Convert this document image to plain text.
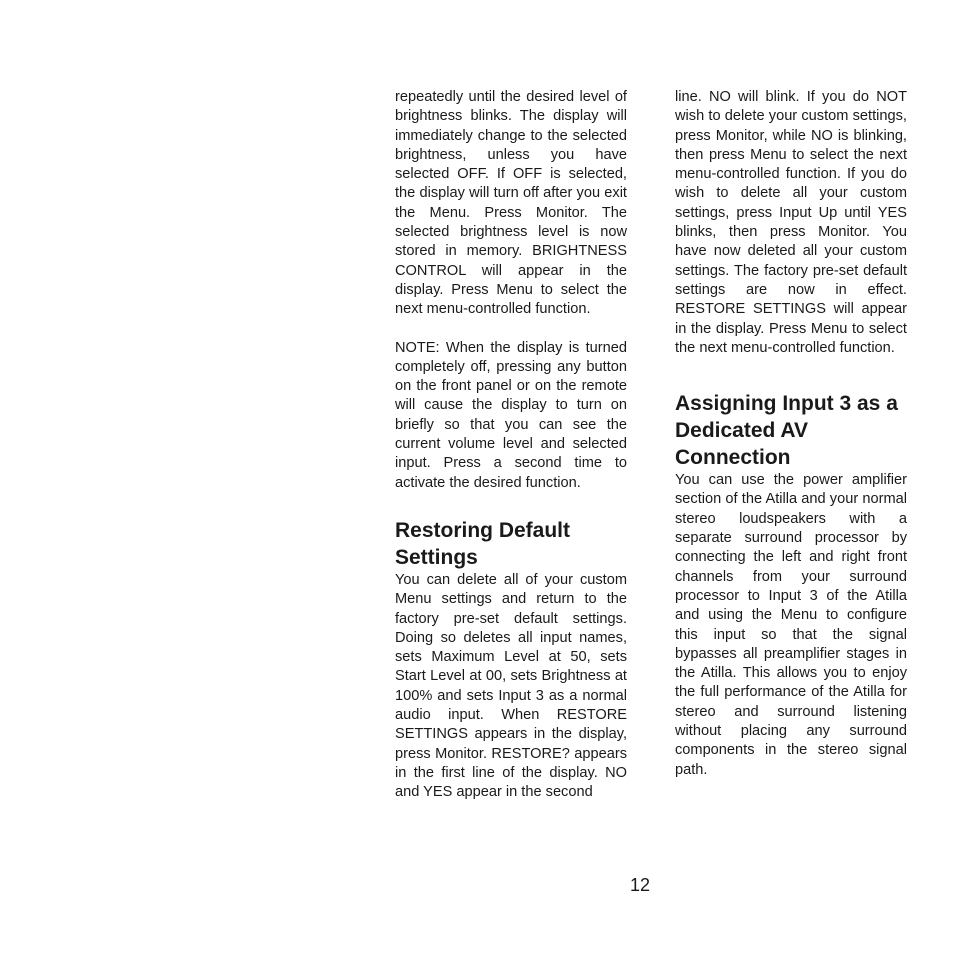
repeatedly until the desired level of brightness blinks. The display will immediately change to the selected brightness, unless you have selected OFF. If OFF is selected, the display will turn off after you exit the Menu. Press Monitor. The selected brightness level is now stored in memory. BRIGHTNESS CONTROL will appear in the display. Press Menu to select the next menu-controlled function.

NOTE: When the display is turned completely off, pressing any button on the front panel or on the remote will cause the display to turn on briefly so that you can see the current volume level and selected input. Press a second time to activate the desired function.

Restoring Default Settings

You can delete all of your custom Menu settings and return to the factory pre-set default settings. Doing so deletes all input names, sets Maximum Level at 50, sets Start Level at 00, sets Brightness at 100% and sets Input 3 as a normal audio input. When RESTORE SETTINGS appears in the display, press Monitor. RESTORE? appears in the first line of the display. NO and YES appear in the second

line. NO will blink. If you do NOT wish to delete your custom settings, press Monitor, while NO is blinking, then press Menu to select the next menu-controlled function. If you do wish to delete all your custom settings, press Input Up until YES blinks, then press Monitor. You have now deleted all your custom settings. The factory pre-set default settings are now in effect. RESTORE SETTINGS will appear in the display. Press Menu to select the next menu-controlled function.

Assigning Input 3 as a Dedicated AV Connection

You can use the power amplifier section of the Atilla and your normal stereo loudspeakers with a separate surround processor by connecting the left and right front channels from your surround processor to Input 3 of the Atilla and using the Menu to configure this input so that the signal bypasses all preamplifier stages in the Atilla. This allows you to enjoy the full performance of the Atilla for stereo and surround listening without placing any surround components in the stereo signal path.

12
